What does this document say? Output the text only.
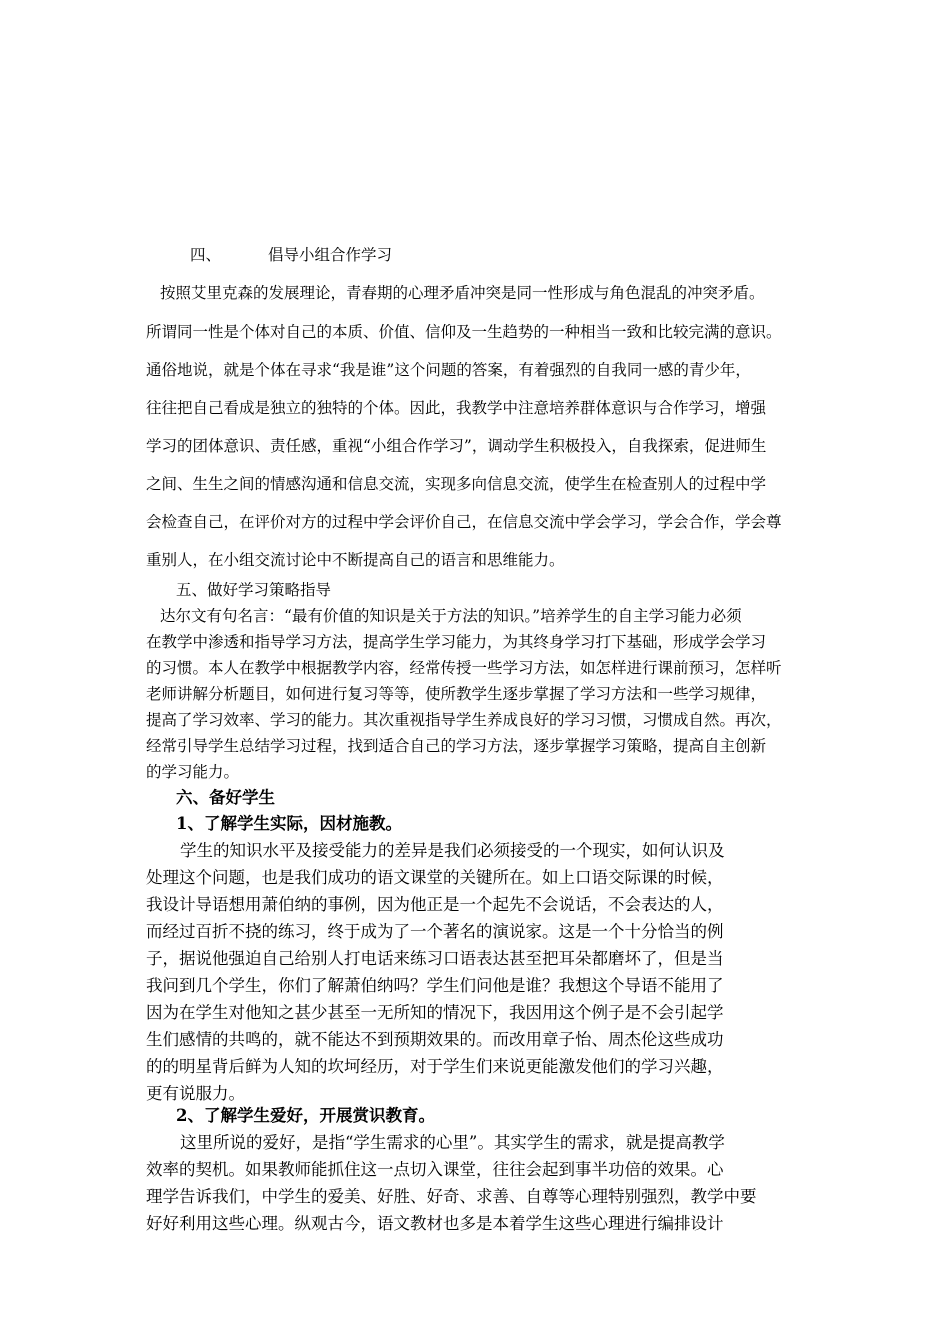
四、	倡导小组合作学习
按照艾里克森的发展理论，青春期的心理矛盾冲突是同一性形成与角色混乱的冲突矛盾。
所谓同一性是个体对自己的本质、价值、信仰及一生趋势的一种相当一致和比较完满的意识。
通俗地说，就是个体在寻求“我是谁”这个问题的答案，有着强烈的自我同一感的青少年，
往往把自己看成是独立的独特的个体。因此，我教学中注意培养群体意识与合作学习，增强
学习的团体意识、责任感，重视“小组合作学习”，调动学生积极投入，自我探索，促进师生
之间、生生之间的情感沟通和信息交流，实现多向信息交流，使学生在检查别人的过程中学
会检查自己，在评价对方的过程中学会评价自己，在信息交流中学会学习，学会合作，学会尊
重别人，在小组交流讨论中不断提高自己的语言和思维能力。
五、做好学习策略指导
达尔文有句名言：“最有价值的知识是关于方法的知识。”培养学生的自主学习能力必须
在教学中渗透和指导学习方法，提高学生学习能力，为其终身学习打下基础，形成学会学习
的习惯。本人在教学中根据教学内容，经常传授一些学习方法，如怎样进行课前预习，怎样听
老师讲解分析题目，如何进行复习等等，使所教学生逐步掌握了学习方法和一些学习规律，
提高了学习效率、学习的能力。其次重视指导学生养成良好的学习习惯，习惯成自然。再次，
经常引导学生总结学习过程，找到适合自己的学习方法，逐步掌握学习策略，提高自主创新
的学习能力。
六、备好学生
1、了解学生实际，因材施教。
学生的知识水平及接受能力的差异是我们必须接受的一个现实，如何认识及
处理这个问题，也是我们成功的语文课堂的关键所在。如上口语交际课的时候，
我设计导语想用萧伯纳的事例，因为他正是一个起先不会说话，不会表达的人，
而经过百折不挠的练习，终于成为了一个著名的演说家。这是一个十分恰当的例
子，据说他强迫自己给别人打电话来练习口语表达甚至把耳朵都磨坏了，但是当
我问到几个学生，你们了解萧伯纳吗？学生们问他是谁？我想这个导语不能用了
因为在学生对他知之甚少甚至一无所知的情况下，我因用这个例子是不会引起学
生们感情的共鸣的，就不能达不到预期效果的。而改用章子怡、周杰伦这些成功
的的明星背后鲜为人知的坎坷经历，对于学生们来说更能激发他们的学习兴趣，
更有说服力。
2、了解学生爱好，开展赏识教育。
这里所说的爱好，是指“学生需求的心里”。其实学生的需求，就是提高教学
效率的契机。如果教师能抓住这一点切入课堂，往往会起到事半功倍的效果。心
理学告诉我们，中学生的爱美、好胜、好奇、求善、自尊等心理特别强烈，教学中要
好好利用这些心理。纵观古今，语文教材也多是本着学生这些心理进行编排设计
